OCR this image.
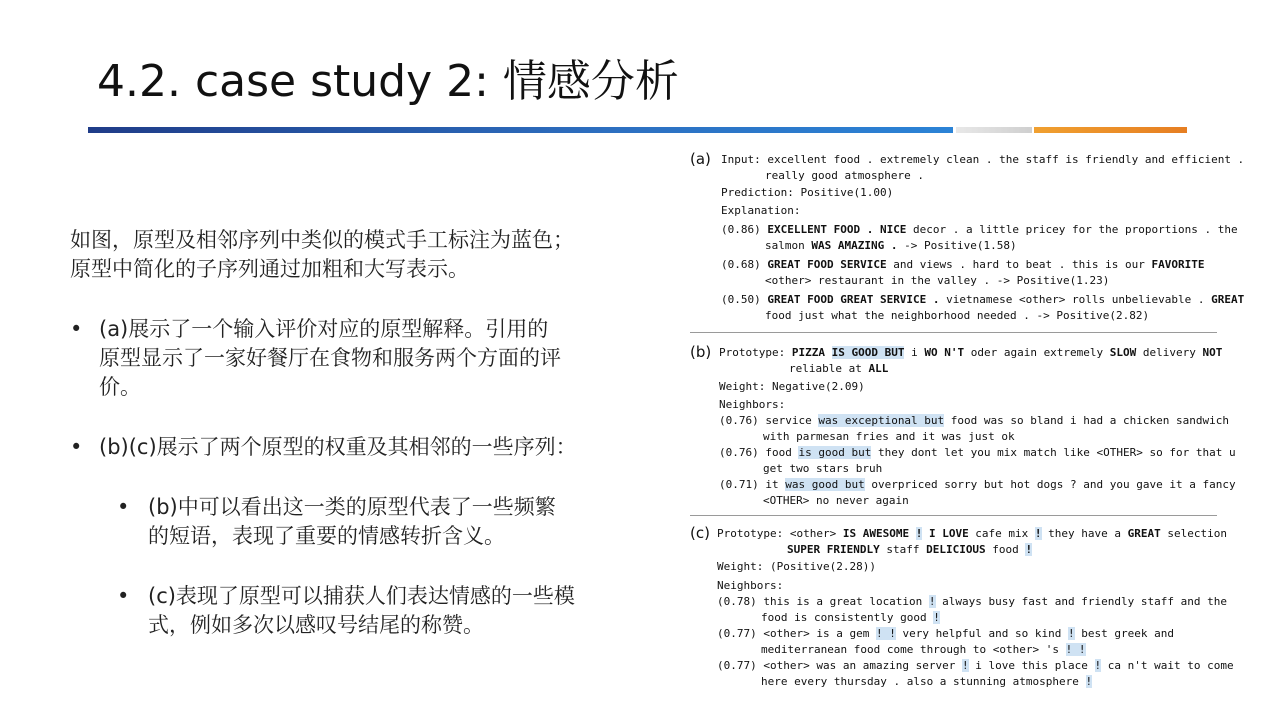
4.2. case study 2: 情感分析
如图，原型及相邻序列中类似的模式手工标注为蓝色；
原型中简化的子序列通过加粗和大写表示。
• (a)展示了一个输入评价对应的原型解释。引用的
原型显示了一家好餐厅在食物和服务两个方面的评
价。
• (b)(c)展示了两个原型的权重及其相邻的一些序列：
• (b)中可以看出这一类的原型代表了一些频繁
的短语，表现了重要的情感转折含义。
• (c)表现了原型可以捕获人们表达情感的一些模
式，例如多次以感叹号结尾的称赞。
(a) Input: excellent food . extremely clean . the staff is friendly and efficient .
really good atmosphere .
Prediction: Positive(1.00)
Explanation:
(0.86) EXCELLENT FOOD . NICE decor . a little pricey for the proportions . the
salmon WAS AMAZING . -> Positive(1.58)
(0.68) GREAT FOOD SERVICE and views . hard to beat . this is our FAVORITE
<other> restaurant in the valley . -> Positive(1.23)
(0.50) GREAT FOOD GREAT SERVICE . vietnamese <other> rolls unbelievable . GREAT
food just what the neighborhood needed . -> Positive(2.82)
(b) Prototype: PIZZA IS GOOD BUT i WO N'T oder again extremely SLOW delivery NOT
reliable at ALL
Weight: Negative(2.09)
Neighbors:
(0.76) service was exceptional but food was so bland i had a chicken sandwich
with parmesan fries and it was just ok
(0.76) food is good but they dont let you mix match like <OTHER> so for that u
get two stars bruh
(0.71) it was good but overpriced sorry but hot dogs ? and you gave it a fancy
<OTHER> no never again
(c) Prototype: <other> IS AWESOME ! I LOVE cafe mix ! they have a GREAT selection
SUPER FRIENDLY staff DELICIOUS food !
Weight: (Positive(2.28))
Neighbors:
(0.78) this is a great location ! always busy fast and friendly staff and the
food is consistently good !
(0.77) <other> is a gem ! ! very helpful and so kind ! best greek and
mediterranean food come through to <other> 's ! !
(0.77) <other> was an amazing server ! i love this place ! ca n't wait to come
here every thursday . also a stunning atmosphere !
